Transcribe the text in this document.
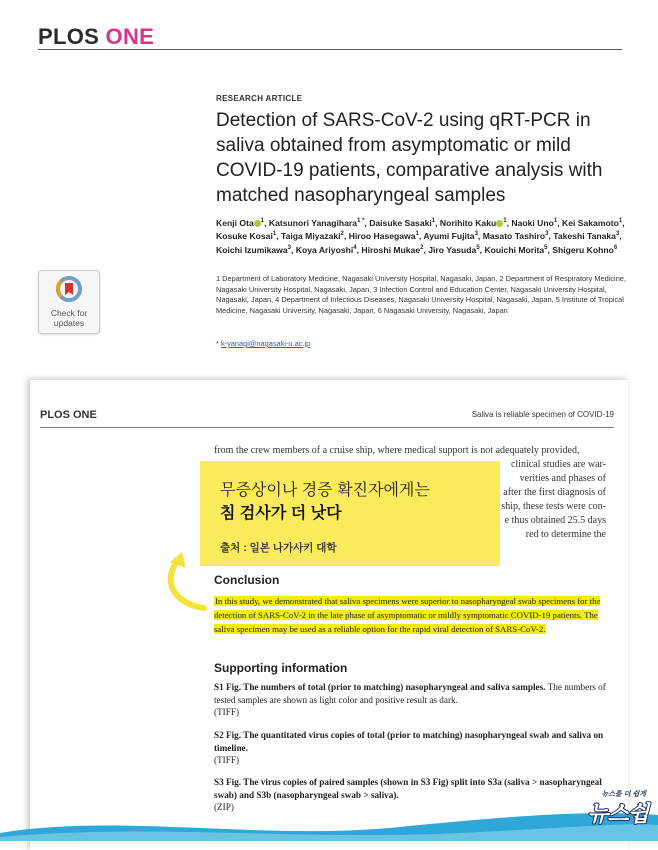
PLOS ONE
Check for
updates
RESEARCH ARTICLE
Detection of SARS-CoV-2 using qRT-PCR in saliva obtained from asymptomatic or mild COVID-19 patients, comparative analysis with matched nasopharyngeal samples
Kenji Ota $^1$, Katsunori Yanagihara$^{1 *}$, Daisuke Sasaki$^1$, Norihito Kaku $^1$, Naoki Uno$^1$, Kei Sakamoto$^1$, Kosuke Kosai$^1$, Taiga Miyazaki$^2$, Hiroo Hasegawa$^1$, Ayumi Fujita$^3$, Masato Tashiro$^3$, Takeshi Tanaka$^3$, Koichi Izumikawa$^3$, Koya Ariyoshi$^4$, Hiroshi Mukae$^2$, Jiro Yasuda$^5$, Kouichi Morita$^5$, Shigeru Kohno$^6$
1 Department of Laboratory Medicine, Nagasaki University Hospital, Nagasaki, Japan, 2 Department of Respiratory Medicine, Nagasaki University Hospital, Nagasaki, Japan, 3 Infection Control and Education Center, Nagasaki University Hospital, Nagasaki, Japan, 4 Department of Infectious Diseases, Nagasaki University Hospital, Nagasaki, Japan, 5 Institute of Tropical Medicine, Nagasaki University, Nagasaki, Japan, 6 Nagasaki University, Nagasaki, Japan
* k-yanagi@nagasaki-u.ac.jp
PLOS ONE	Saliva is reliable specimen of COVID-19
from the crew members of a cruise ship, where medical support is not adequately provided,
clinical studies are war-
verities and phases of
after the first diagnosis of
ship, these tests were con-
e thus obtained 25.5 days
red to determine the
무증상이나 경증 확진자에게는
침 검사가 더 낫다
출처 : 일본 나가사키 대학
Conclusion
In this study, we demonstrated that saliva specimens were superior to nasopharyngeal swab specimens for the detection of SARS-CoV-2 in the late phase of asymptomatic or mildly symptomatic COVID-19 patients. The saliva specimen may be used as a reliable option for the rapid viral detection of SARS-CoV-2.
Supporting information
S1 Fig. The numbers of total (prior to matching) nasopharyngeal and saliva samples. The numbers of tested samples are shown as light color and positive result as dark.
(TIFF)
S2 Fig. The quantitated virus copies of total (prior to matching) nasopharyngeal swab and saliva on timeline.
(TIFF)
S3 Fig. The virus copies of paired samples (shown in S3 Fig) split into S3a (saliva > nasopharyngeal swab) and S3b (nasopharyngeal swab > saliva).
(ZIP)
뉴스를 더 쉽게
뉴스쉽
